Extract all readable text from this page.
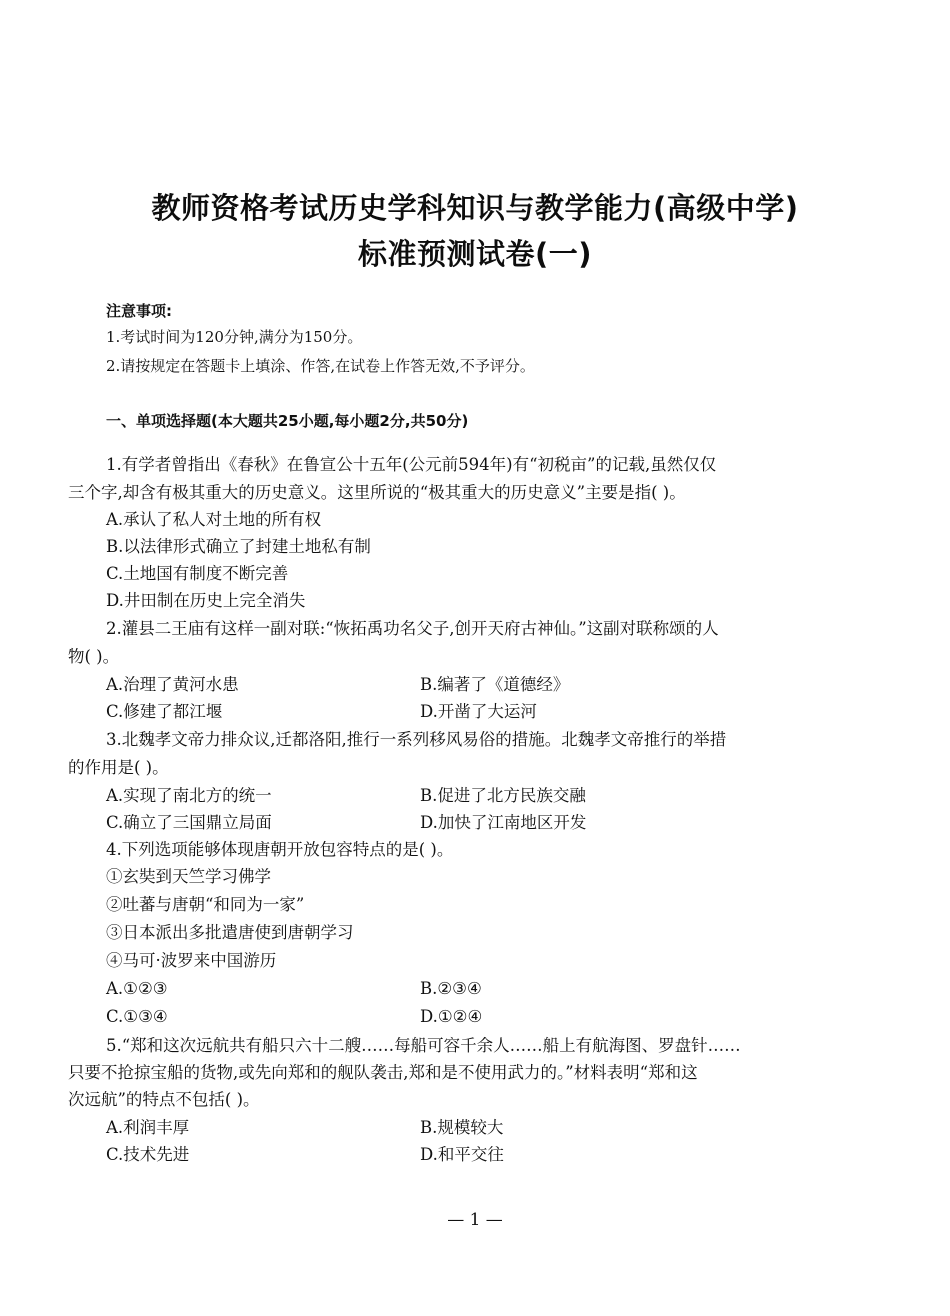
教师资格考试历史学科知识与教学能力(高级中学)
标准预测试卷(一)
注意事项:
1.考试时间为120分钟,满分为150分。
2.请按规定在答题卡上填涂、作答,在试卷上作答无效,不予评分。
一、单项选择题(本大题共25小题,每小题2分,共50分)
1.有学者曾指出《春秋》在鲁宣公十五年(公元前594年)有“初税亩”的记载,虽然仅仅
三个字,却含有极其重大的历史意义。这里所说的“极其重大的历史意义”主要是指( )。
A.承认了私人对土地的所有权
B.以法律形式确立了封建土地私有制
C.土地国有制度不断完善
D.井田制在历史上完全消失
2.灌县二王庙有这样一副对联:“恢拓禹功名父子,创开天府古神仙。”这副对联称颂的人
物( )。
A.治理了黄河水患	B.编著了《道德经》
C.修建了都江堰	D.开凿了大运河
3.北魏孝文帝力排众议,迁都洛阳,推行一系列移风易俗的措施。北魏孝文帝推行的举措
的作用是( )。
A.实现了南北方的统一	B.促进了北方民族交融
C.确立了三国鼎立局面	D.加快了江南地区开发
4.下列选项能够体现唐朝开放包容特点的是( )。
①玄奘到天竺学习佛学
②吐蕃与唐朝“和同为一家”
③日本派出多批遣唐使到唐朝学习
④马可·波罗来中国游历
A.①②③	B.②③④
C.①③④	D.①②④
5.“郑和这次远航共有船只六十二艘……每船可容千余人……船上有航海图、罗盘针……
只要不抢掠宝船的货物,或先向郑和的舰队袭击,郑和是不使用武力的。”材料表明“郑和这
次远航”的特点不包括( )。
A.利润丰厚	B.规模较大
C.技术先进	D.和平交往
— 1 —
